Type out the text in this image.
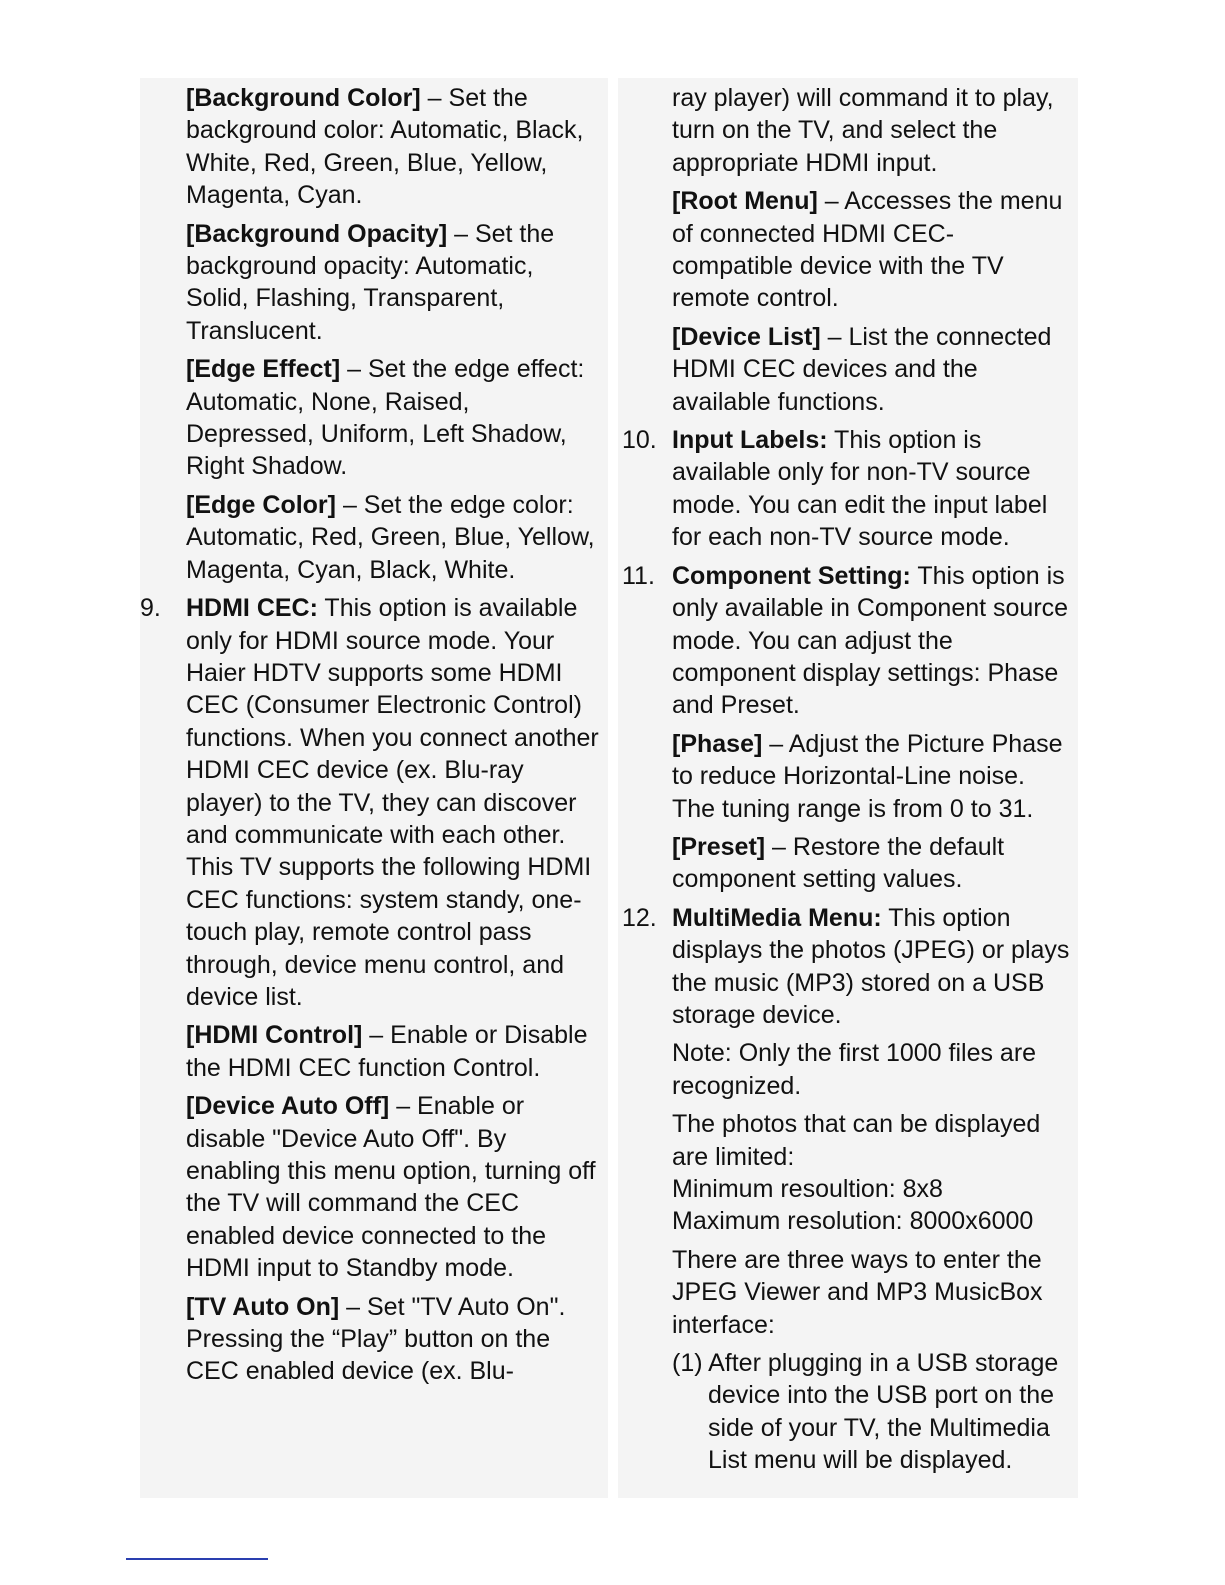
[Background Color] – Set the background color: Automatic, Black, White, Red, Green, Blue, Yellow, Magenta, Cyan.

[Background Opacity] – Set the background opacity: Automatic, Solid, Flashing, Transparent, Translucent.

[Edge Effect] – Set the edge effect: Automatic, None, Raised, Depressed, Uniform, Left Shadow, Right Shadow.

[Edge Color] – Set the edge color: Automatic, Red, Green, Blue, Yellow, Magenta, Cyan, Black, White.

9. HDMI CEC: This option is available only for HDMI source mode. Your Haier HDTV supports some HDMI CEC (Consumer Electronic Control) functions. When you connect another HDMI CEC device (ex. Blu-ray player) to the TV, they can discover and communicate with each other. This TV supports the following HDMI CEC functions: system standy, one-touch play, remote control pass through, device menu control, and device list.

[HDMI Control] – Enable or Disable the HDMI CEC function Control.

[Device Auto Off] – Enable or disable "Device Auto Off". By enabling this menu option, turning off the TV will command the CEC enabled device connected to the HDMI input to Standby mode.

[TV Auto On] – Set "TV Auto On". Pressing the “Play” button on the CEC enabled device (ex. Blu-

ray player) will command it to play, turn on the TV, and select the appropriate HDMI input.

[Root Menu] – Accesses the menu of connected HDMI CEC-compatible device with the TV remote control.

[Device List] – List the connected HDMI CEC devices and the available functions.

10. Input Labels: This option is available only for non-TV source mode. You can edit the input label for each non-TV source mode.

11. Component Setting: This option is only available in Component source mode. You can adjust the component display settings: Phase and Preset.

[Phase] – Adjust the Picture Phase to reduce Horizontal-Line noise. The tuning range is from 0 to 31.

[Preset] – Restore the default component setting values.

12. MultiMedia Menu: This option displays the photos (JPEG) or plays the music (MP3) stored on a USB storage device.

Note: Only the first 1000 files are recognized.

The photos that can be displayed are limited:

Minimum resoultion: 8x8

Maximum resolution: 8000x6000

There are three ways to enter the JPEG Viewer and MP3 MusicBox interface:

(1) After plugging in a USB storage device into the USB port on the side of your TV, the Multimedia List menu will be displayed.
